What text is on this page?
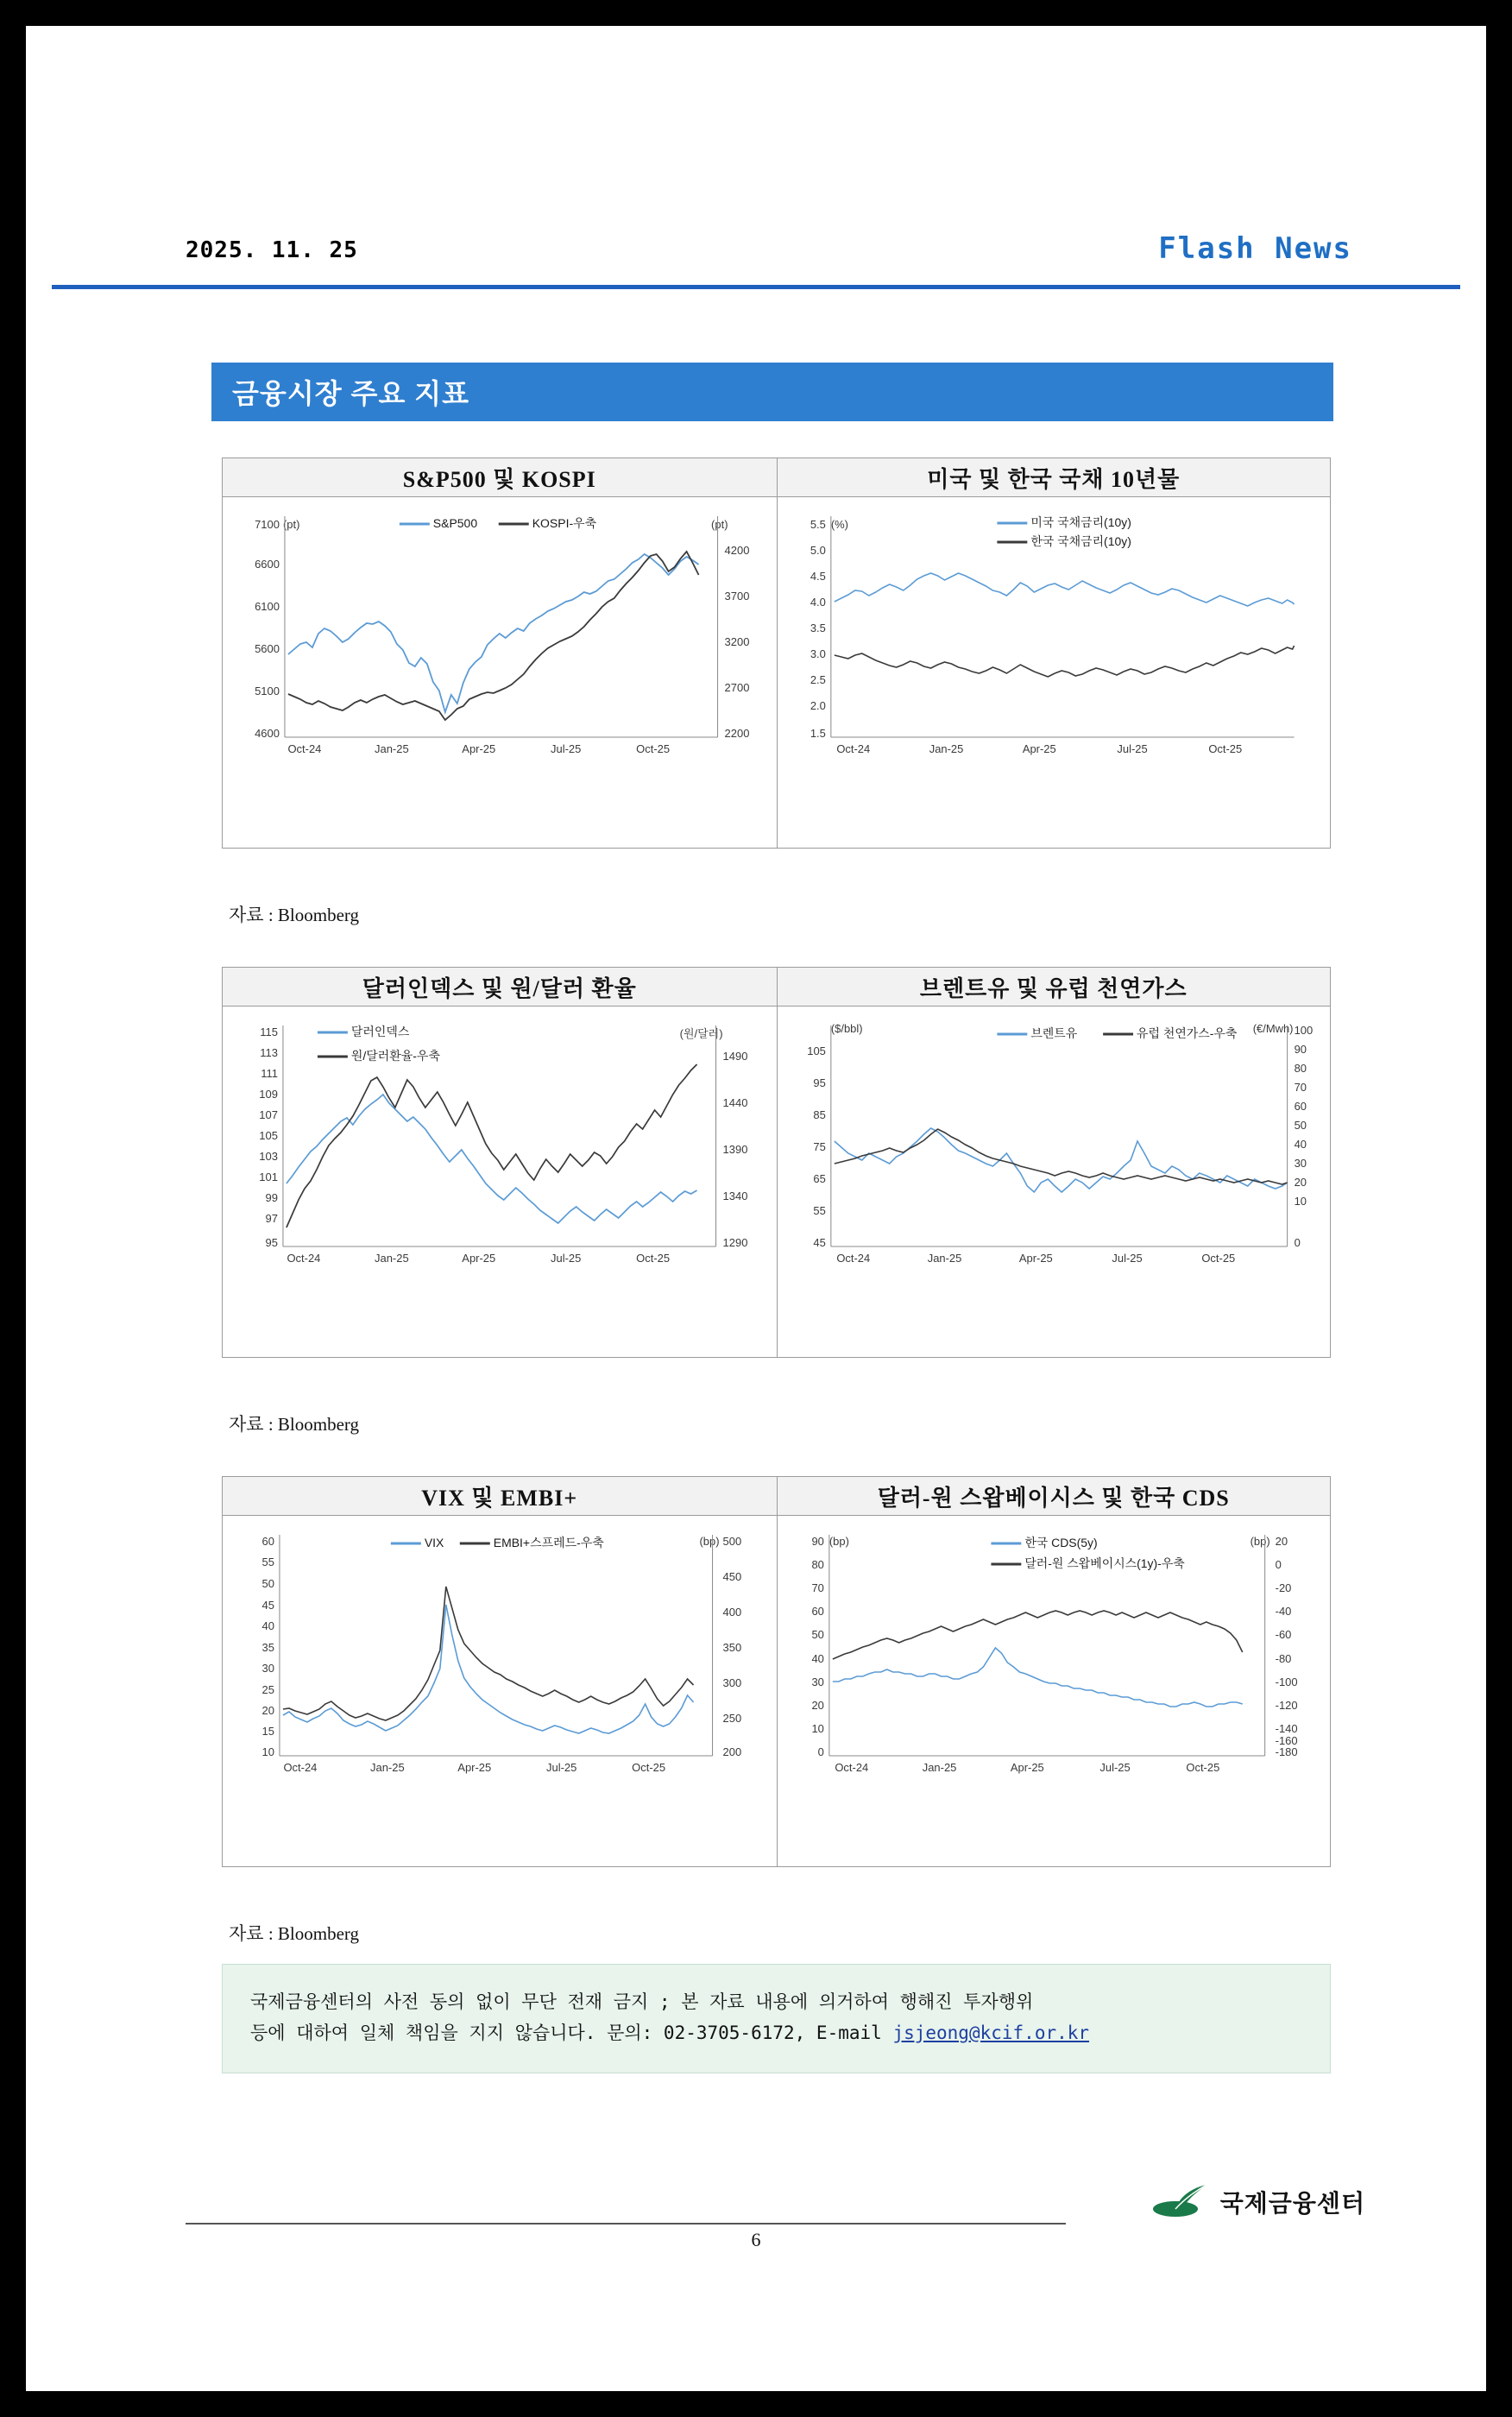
2025. 11. 25	Flash News
금융시장 주요 지표
S&P500 및 KOSPI
7100 (pt)
6600
6100
5600
5100
4600
(pt)
4200
3700
3200
2700
2200
S&P500	KOSPI-우축
Oct-24	Jan-25	Apr-25	Jul-25	Oct-25
미국 및 한국 국채 10년물
5.5 (%)
5.0
4.5
4.0
3.5
3.0
2.5
2.0
1.5
미국 국채금리(10y)
한국 국채금리(10y)
Oct-24	Jan-25	Apr-25	Jul-25	Oct-25
자료 : Bloomberg
달러인덱스 및 원/달러 환율
115
113
111
109
107
105
103
101
99
97
95
(원/달러)
1490
1440
1390
1340
1290
달러인덱스
원/달러환율-우축
Oct-24	Jan-25	Apr-25	Jul-25	Oct-25
브렌트유 및 유럽 천연가스
($/bbl)
105
95
85
75
65
55
45
(€/Mwh) 100
90
80
70
60
50
40
30
20
10
0
브렌트유	유럽 천연가스-우축
Oct-24	Jan-25	Apr-25	Jul-25	Oct-25
자료 : Bloomberg
VIX 및 EMBI+
60
55
50
45
40
35
30
25
20
15
10
(bp) 500
450
400
350
300
250
200
VIX	EMBI+스프레드-우축
Oct-24	Jan-25	Apr-25	Jul-25	Oct-25
달러-원 스왑베이시스 및 한국 CDS
90 (bp)
80
70
60
50
40
30
20
10
0
(bp) 20
0
-20
-40
-60
-80
-100
-120
-140
-160
-180
한국 CDS(5y)
달러-원 스왑베이시스(1y)-우축
Oct-24	Jan-25	Apr-25	Jul-25	Oct-25
자료 : Bloomberg
국제금융센터의 사전 동의 없이 무단 전재 금지 ; 본 자료 내용에 의거하여 행해진 투자행위
등에 대하여 일체 책임을 지지 않습니다. 문의: 02-3705-6172, E-mail jsjeong@kcif.or.kr
6
국제금융센터
